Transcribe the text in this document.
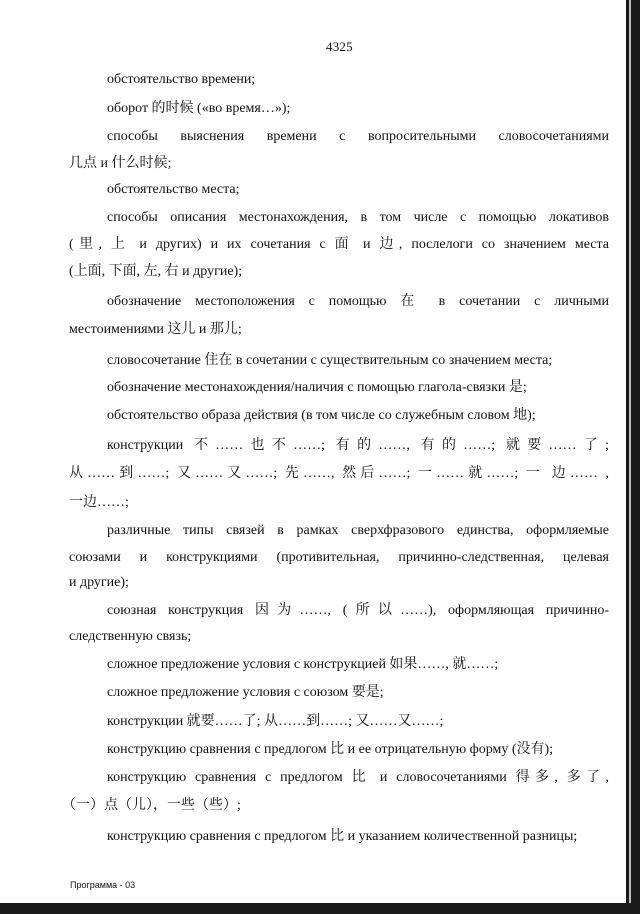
4325
обстоятельство времени;
оборот 的时候 («во время…»);
способы выяснения времени с вопросительными словосочетаниями
几点 и 什么时候;
обстоятельство места;
способы описания местонахождения, в том числе с помощью локативов
(里, 上 и других) и их сочетания с 面 и 边, послелоги со значением места
(上面, 下面, 左, 右 и другие);
обозначение местоположения с помощью 在 в сочетании с личными
местоимениями 这儿 и 那儿;
словосочетание 住在 в сочетании с существительным со значением места;
обозначение местонахождения/наличия с помощью глагола-связки 是;
обстоятельство образа действия (в том числе со служебным словом 地);
конструкции 不……也不……; 有的……, 有的……; 就要……了;
从……到……; 又……又……; 先……, 然后……; 一……就……; 一 边…… ,
一边……;
различные типы связей в рамках сверхфразового единства, оформляемые
союзами и конструкциями (противительная, причинно-следственная, целевая
и другие);
союзная конструкция 因为……, (所以……), оформляющая причинно-
следственную связь;
сложное предложение условия с конструкцией 如果……, 就……;
сложное предложение условия с союзом 要是;
конструкции 就要……了; 从……到……; 又……又……;
конструкцию сравнения с предлогом 比 и ее отрицательную форму (没有);
конструкцию сравнения с предлогом 比 и словосочетаниями 得多, 多了,
（一）点（儿），一些（些）;
конструкцию сравнения с предлогом 比 и указанием количественной разницы;
Программа - 03
